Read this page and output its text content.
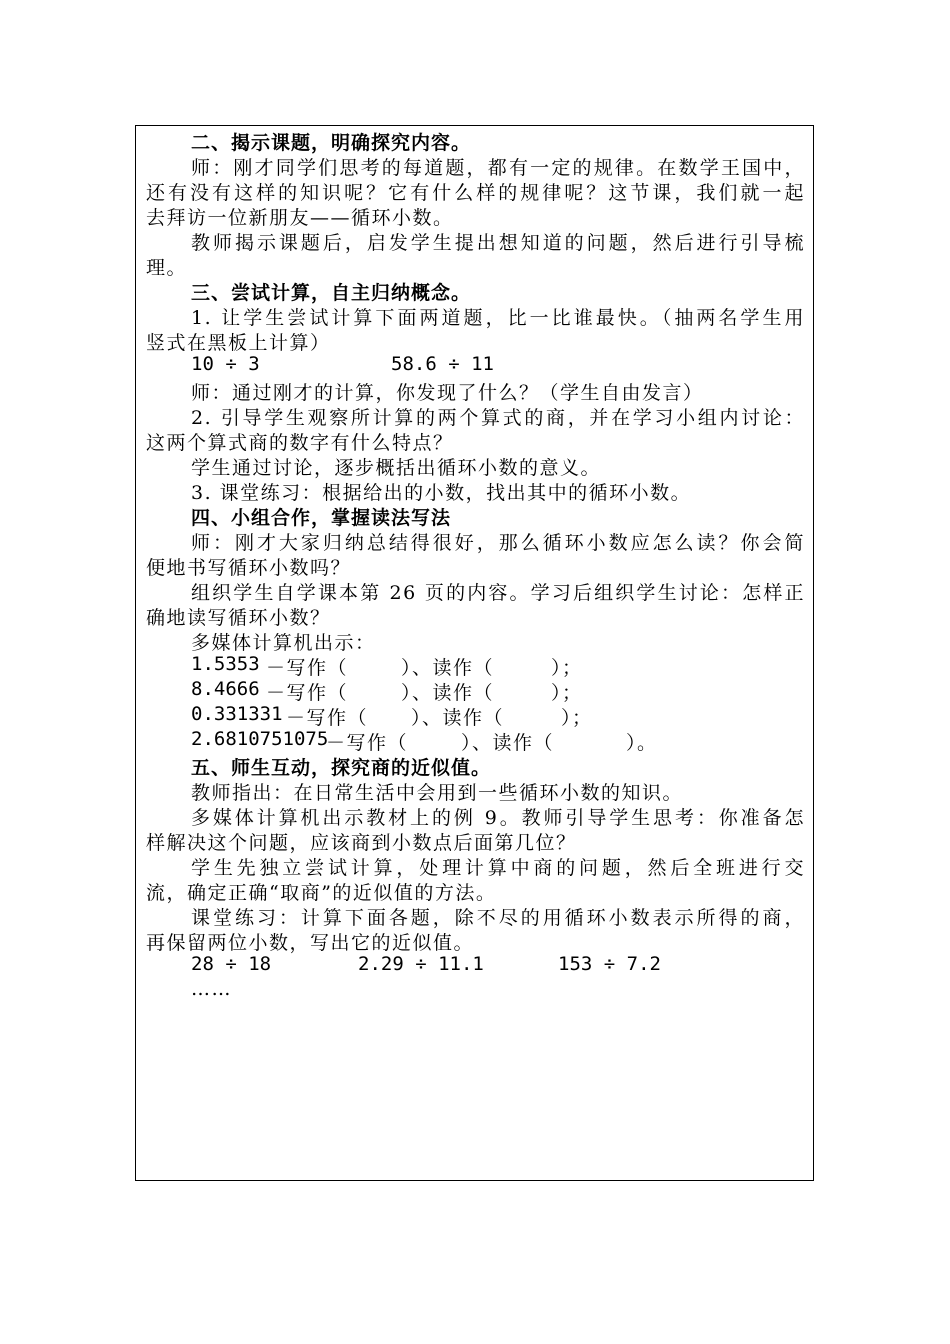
二、揭示课题，明确探究内容。
师：刚才同学们思考的每道题，都有一定的规律。在数学王国中，
还有没有这样的知识呢？它有什么样的规律呢？这节课，我们就一起
去拜访一位新朋友——循环小数。
教师揭示课题后，启发学生提出想知道的问题，然后进行引导梳
理。
三、尝试计算，自主归纳概念。
1. 让学生尝试计算下面两道题，比一比谁最快。（抽两名学生用
竖式在黑板上计算）
10 ÷ 3	58.6 ÷ 11
师：通过刚才的计算，你发现了什么？（学生自由发言）
2. 引导学生观察所计算的两个算式的商，并在学习小组内讨论：
这两个算式商的数字有什么特点？
学生通过讨论，逐步概括出循环小数的意义。
3. 课堂练习：根据给出的小数，找出其中的循环小数。
四、小组合作，掌握读法写法
师：刚才大家归纳总结得很好，那么循环小数应怎么读？你会简
便地书写循环小数吗？
组织学生自学课本第 26 页的内容。学习后组织学生讨论：怎样正
确地读写循环小数？
多媒体计算机出示：
1.5353 －写作（	）、读作（	）；
8.4666 －写作（	）、读作（	）；
0.331331 －写作（ ）、读作（	）；
2.6810751075
－写作（	）、读作（	）。
五、师生互动，探究商的近似值。
教师指出：在日常生活中会用到一些循环小数的知识。
多媒体计算机出示教材上的例 9。教师引导学生思考：你准备怎
样解决这个问题，应该商到小数点后面第几位？
学生先独立尝试计算，处理计算中商的问题，然后全班进行交
流，确定正确“取商”的近似值的方法。
课堂练习：计算下面各题，除不尽的用循环小数表示所得的商，
再保留两位小数，写出它的近似值。
28 ÷ 18	2.29 ÷ 11.1	153 ÷ 7.2
……
